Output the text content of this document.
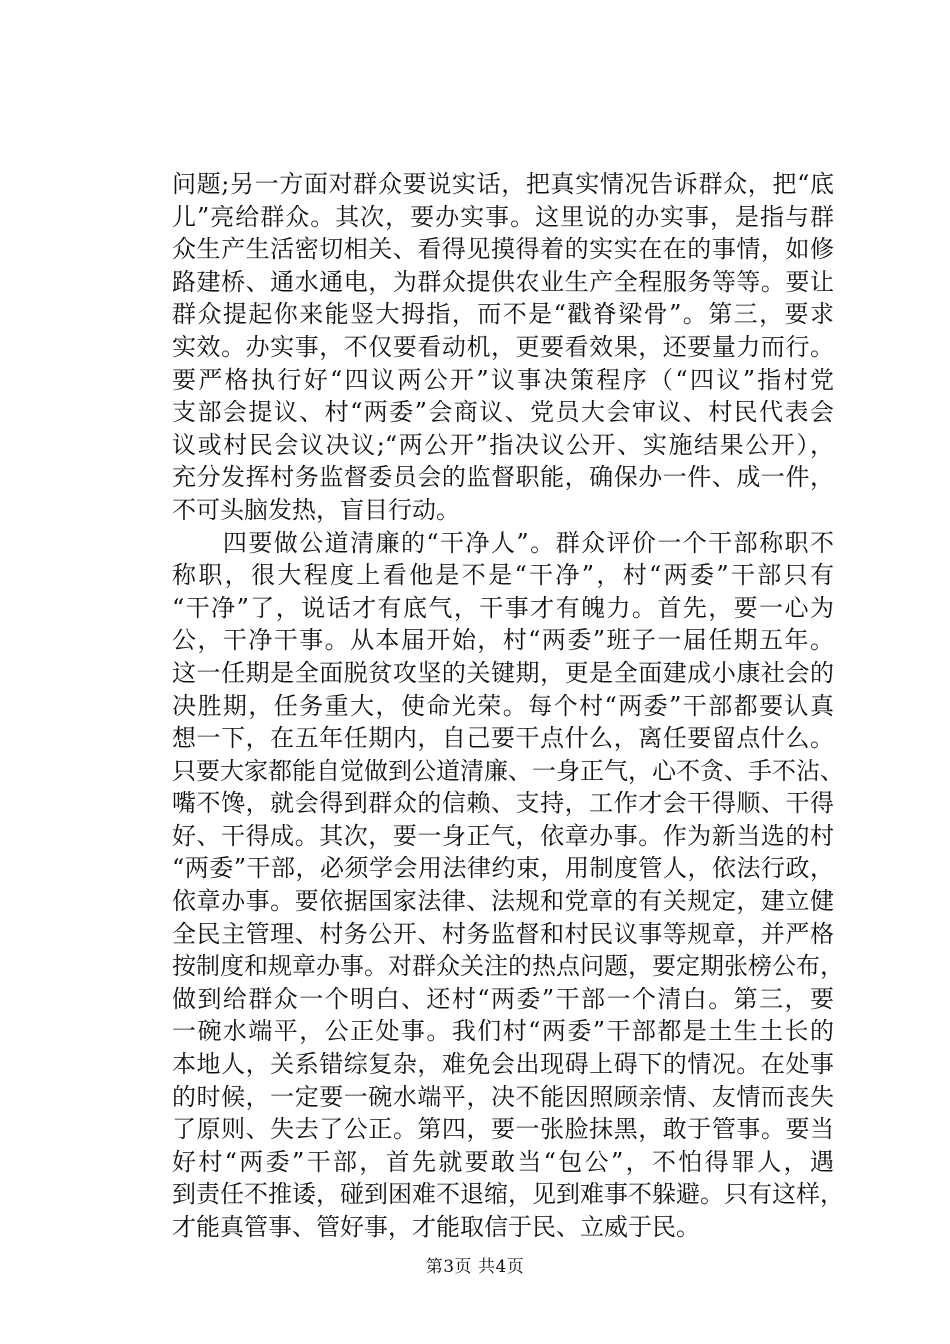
问题;另一方面对群众要说实话，把真实情况告诉群众，把“底
儿”亮给群众。其次，要办实事。这里说的办实事，是指与群
众生产生活密切相关、看得见摸得着的实实在在的事情，如修
路建桥、通水通电，为群众提供农业生产全程服务等等。要让
群众提起你来能竖大拇指，而不是“戳脊梁骨”。第三，要求
实效。办实事，不仅要看动机，更要看效果，还要量力而行。
要严格执行好“四议两公开”议事决策程序（“四议”指村党
支部会提议、村“两委”会商议、党员大会审议、村民代表会
议或村民会议决议;“两公开”指决议公开、实施结果公开），
充分发挥村务监督委员会的监督职能，确保办一件、成一件，
不可头脑发热，盲目行动。
　　四要做公道清廉的“干净人”。群众评价一个干部称职不
称职，很大程度上看他是不是“干净”，村“两委”干部只有
“干净”了，说话才有底气，干事才有魄力。首先，要一心为
公，干净干事。从本届开始，村“两委”班子一届任期五年。
这一任期是全面脱贫攻坚的关键期，更是全面建成小康社会的
决胜期，任务重大，使命光荣。每个村“两委”干部都要认真
想一下，在五年任期内，自己要干点什么，离任要留点什么。
只要大家都能自觉做到公道清廉、一身正气，心不贪、手不沾、
嘴不馋，就会得到群众的信赖、支持，工作才会干得顺、干得
好、干得成。其次，要一身正气，依章办事。作为新当选的村
“两委”干部，必须学会用法律约束，用制度管人，依法行政，
依章办事。要依据国家法律、法规和党章的有关规定，建立健
全民主管理、村务公开、村务监督和村民议事等规章，并严格
按制度和规章办事。对群众关注的热点问题，要定期张榜公布，
做到给群众一个明白、还村“两委”干部一个清白。第三，要
一碗水端平，公正处事。我们村“两委”干部都是土生土长的
本地人，关系错综复杂，难免会出现碍上碍下的情况。在处事
的时候，一定要一碗水端平，决不能因照顾亲情、友情而丧失
了原则、失去了公正。第四，要一张脸抹黑，敢于管事。要当
好村“两委”干部，首先就要敢当“包公”，不怕得罪人，遇
到责任不推诿，碰到困难不退缩，见到难事不躲避。只有这样，
才能真管事、管好事，才能取信于民、立威于民。
第3页 共4页
